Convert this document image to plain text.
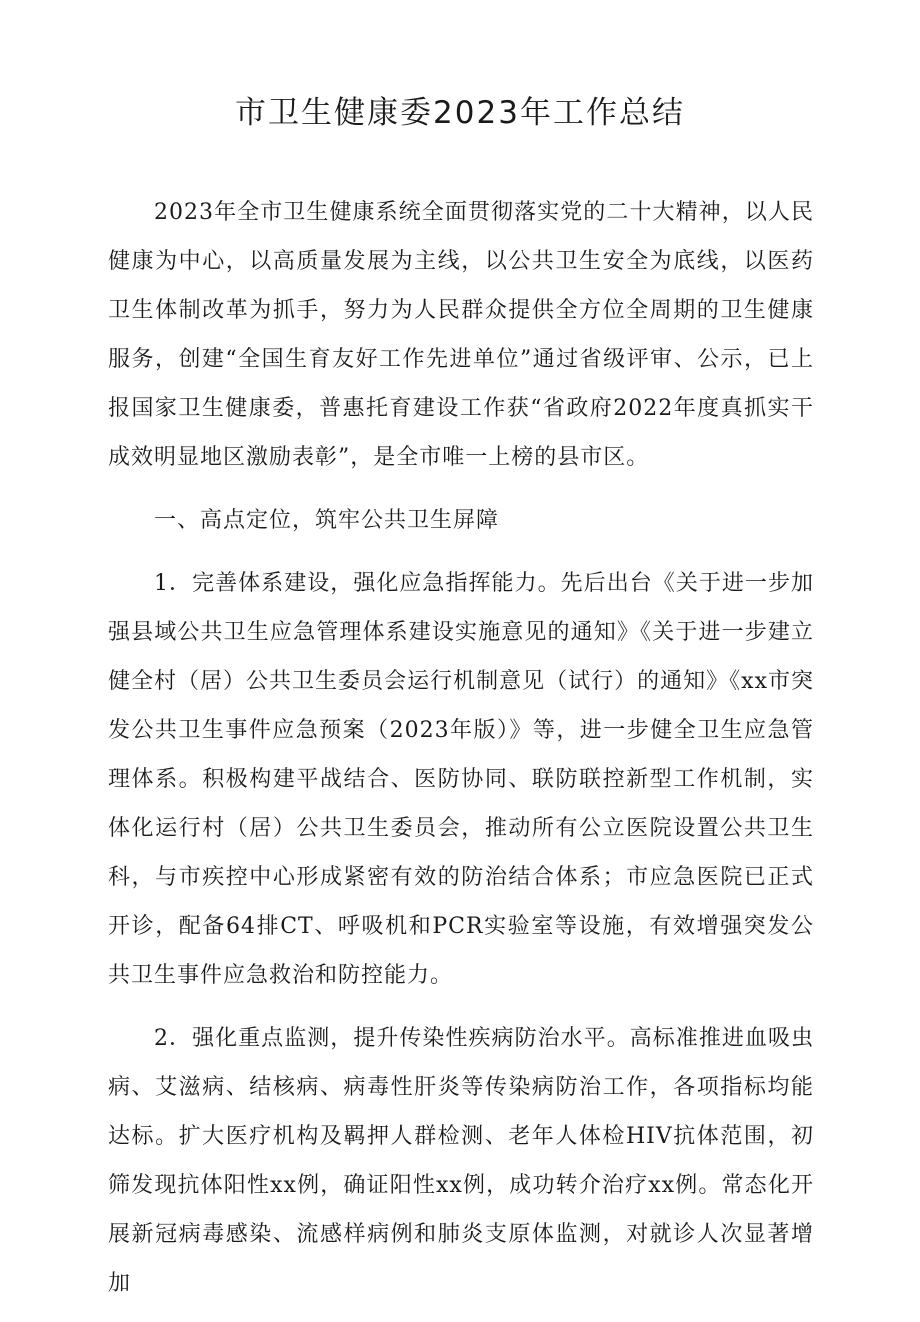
市卫生健康委2023年工作总结

2023年全市卫生健康系统全面贯彻落实党的二十大精神，以人民健康为中心，以高质量发展为主线，以公共卫生安全为底线，以医药卫生体制改革为抓手，努力为人民群众提供全方位全周期的卫生健康服务，创建“全国生育友好工作先进单位”通过省级评审、公示，已上报国家卫生健康委，普惠托育建设工作获“省政府2022年度真抓实干成效明显地区激励表彰”，是全市唯一上榜的县市区。

一、高点定位，筑牢公共卫生屏障

1．完善体系建设，强化应急指挥能力。先后出台《关于进一步加强县域公共卫生应急管理体系建设实施意见的通知》《关于进一步建立健全村（居）公共卫生委员会运行机制意见（试行）的通知》《xx市突发公共卫生事件应急预案（2023年版）》等，进一步健全卫生应急管理体系。积极构建平战结合、医防协同、联防联控新型工作机制，实体化运行村（居）公共卫生委员会，推动所有公立医院设置公共卫生科，与市疾控中心形成紧密有效的防治结合体系；市应急医院已正式开诊，配备64排CT、呼吸机和PCR实验室等设施，有效增强突发公共卫生事件应急救治和防控能力。

2．强化重点监测，提升传染性疾病防治水平。高标准推进血吸虫病、艾滋病、结核病、病毒性肝炎等传染病防治工作，各项指标均能达标。扩大医疗机构及羁押人群检测、老年人体检HIV抗体范围，初筛发现抗体阳性xx例，确证阳性xx例，成功转介治疗xx例。常态化开展新冠病毒感染、流感样病例和肺炎支原体监测，对就诊人次显著增加
